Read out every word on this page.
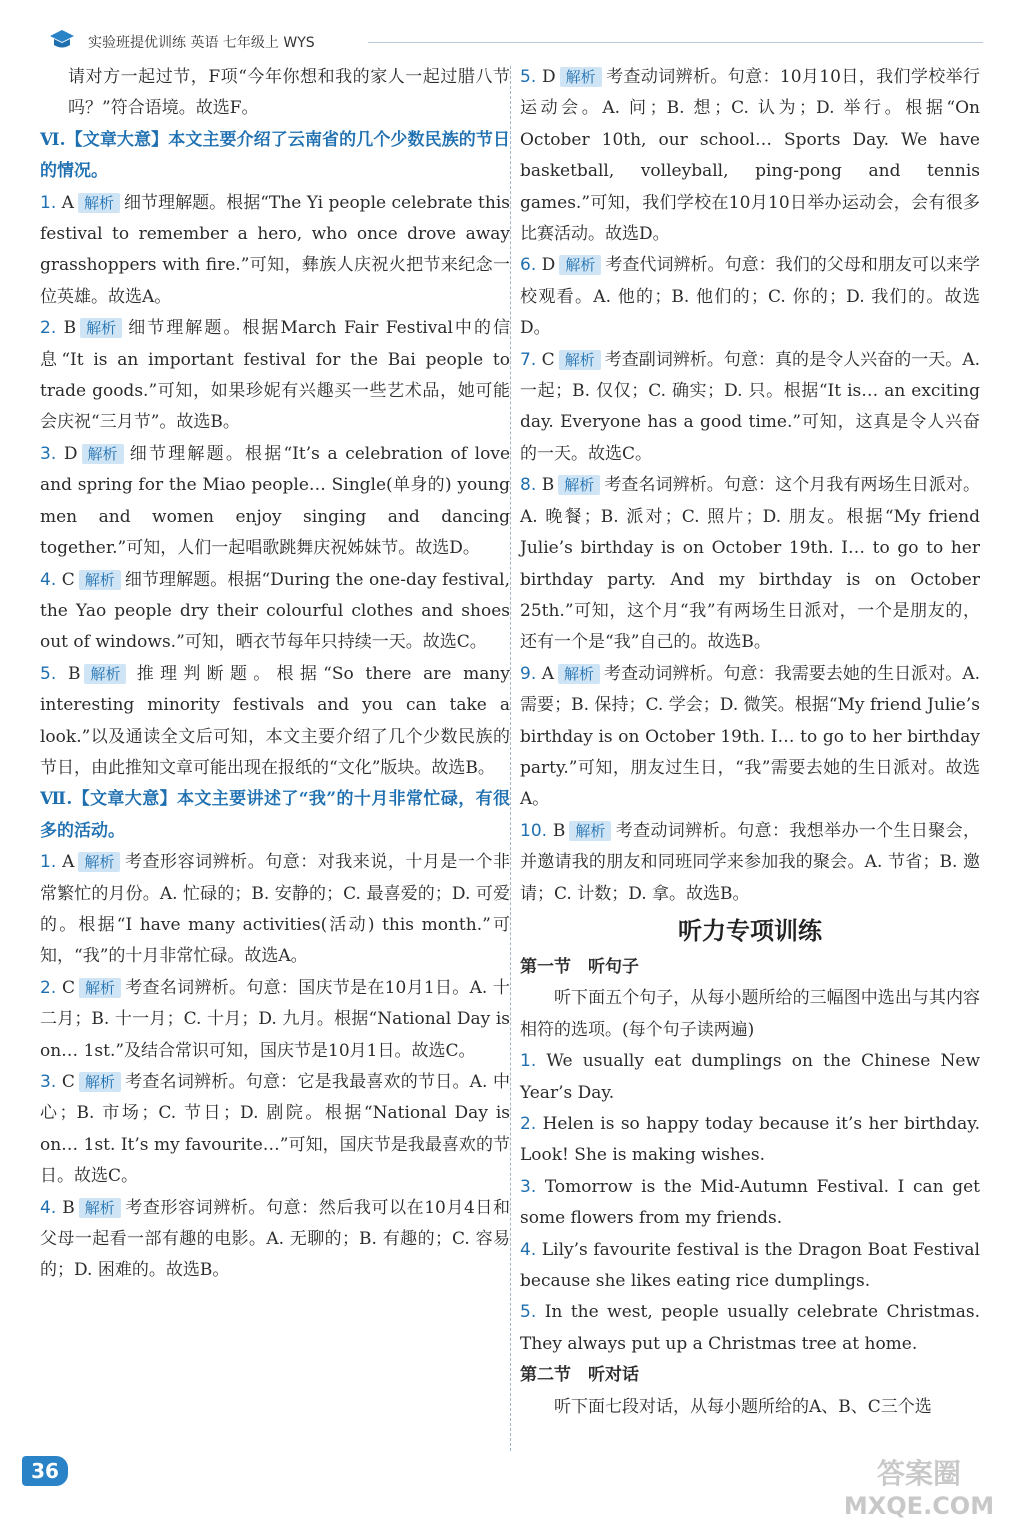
实验班提优训练 英语 七年级上 WYS
请对方一起过节，F项“今年你想和我的家人一起过腊八节吗？”符合语境。故选F。
Ⅵ.【文章大意】本文主要介绍了云南省的几个少数民族的节日的情况。
1. A 解析 细节理解题。根据“The Yi people celebrate this festival to remember a hero, who once drove away grasshoppers with fire.”可知，彝族人庆祝火把节来纪念一位英雄。故选A。
2. B 解析 细节理解题。根据March Fair Festival中的信息“It is an important festival for the Bai people to trade goods.”可知，如果珍妮有兴趣买一些艺术品，她可能会庆祝“三月节”。故选B。
3. D 解析 细节理解题。根据“It’s a celebration of love and spring for the Miao people… Single(单身的) young men and women enjoy singing and dancing together.”可知，人们一起唱歌跳舞庆祝姊妹节。故选D。
4. C 解析 细节理解题。根据“During the one-day festival, the Yao people dry their colourful clothes and shoes out of windows.”可知，晒衣节每年只持续一天。故选C。
5. B 解析 推理判断题。根据“So there are many interesting minority festivals and you can take a look.”以及通读全文后可知，本文主要介绍了几个少数民族的节日，由此推知文章可能出现在报纸的“文化”版块。故选B。
Ⅶ.【文章大意】本文主要讲述了“我”的十月非常忙碌，有很多的活动。
1. A 解析 考查形容词辨析。句意：对我来说，十月是一个非常繁忙的月份。A. 忙碌的；B. 安静的；C. 最喜爱的；D. 可爱的。根据“I have many activities(活动) this month.”可知，“我”的十月非常忙碌。故选A。
2. C 解析 考查名词辨析。句意：国庆节是在10月1日。A. 十二月；B. 十一月；C. 十月；D. 九月。根据“National Day is on… 1st.”及结合常识可知，国庆节是10月1日。故选C。
3. C 解析 考查名词辨析。句意：它是我最喜欢的节日。A. 中心；B. 市场；C. 节日；D. 剧院。根据“National Day is on… 1st. It’s my favourite…”可知，国庆节是我最喜欢的节日。故选C。
4. B 解析 考查形容词辨析。句意：然后我可以在10月4日和父母一起看一部有趣的电影。A. 无聊的；B. 有趣的；C. 容易的；D. 困难的。故选B。
5. D 解析 考查动词辨析。句意：10月10日，我们学校举行运动会。A. 问；B. 想；C. 认为；D. 举行。根据“On October 10th, our school… Sports Day. We have basketball, volleyball, ping-pong and tennis games.”可知，我们学校在10月10日举办运动会，会有很多比赛活动。故选D。
6. D 解析 考查代词辨析。句意：我们的父母和朋友可以来学校观看。A. 他的；B. 他们的；C. 你的；D. 我们的。故选D。
7. C 解析 考查副词辨析。句意：真的是令人兴奋的一天。A. 一起；B. 仅仅；C. 确实；D. 只。根据“It is… an exciting day. Everyone has a good time.”可知，这真是令人兴奋的一天。故选C。
8. B 解析 考查名词辨析。句意：这个月我有两场生日派对。A. 晚餐；B. 派对；C. 照片；D. 朋友。根据“My friend Julie’s birthday is on October 19th. I… to go to her birthday party. And my birthday is on October 25th.”可知，这个月“我”有两场生日派对，一个是朋友的，还有一个是“我”自己的。故选B。
9. A 解析 考查动词辨析。句意：我需要去她的生日派对。A. 需要；B. 保持；C. 学会；D. 微笑。根据“My friend Julie’s birthday is on October 19th. I… to go to her birthday party.”可知，朋友过生日，“我”需要去她的生日派对。故选A。
10. B 解析 考查动词辨析。句意：我想举办一个生日聚会，并邀请我的朋友和同班同学来参加我的聚会。A. 节省；B. 邀请；C. 计数；D. 拿。故选B。
听力专项训练
第一节　听句子
听下面五个句子，从每小题所给的三幅图中选出与其内容相符的选项。(每个句子读两遍)
1. We usually eat dumplings on the Chinese New Year’s Day.
2. Helen is so happy today because it’s her birthday. Look! She is making wishes.
3. Tomorrow is the Mid-Autumn Festival. I can get some flowers from my friends.
4. Lily’s favourite festival is the Dragon Boat Festival because she likes eating rice dumplings.
5. In the west, people usually celebrate Christmas. They always put up a Christmas tree at home.
第二节　听对话
听下面七段对话，从每小题所给的A、B、C三个选
36	答案圈
MXQE.COM
